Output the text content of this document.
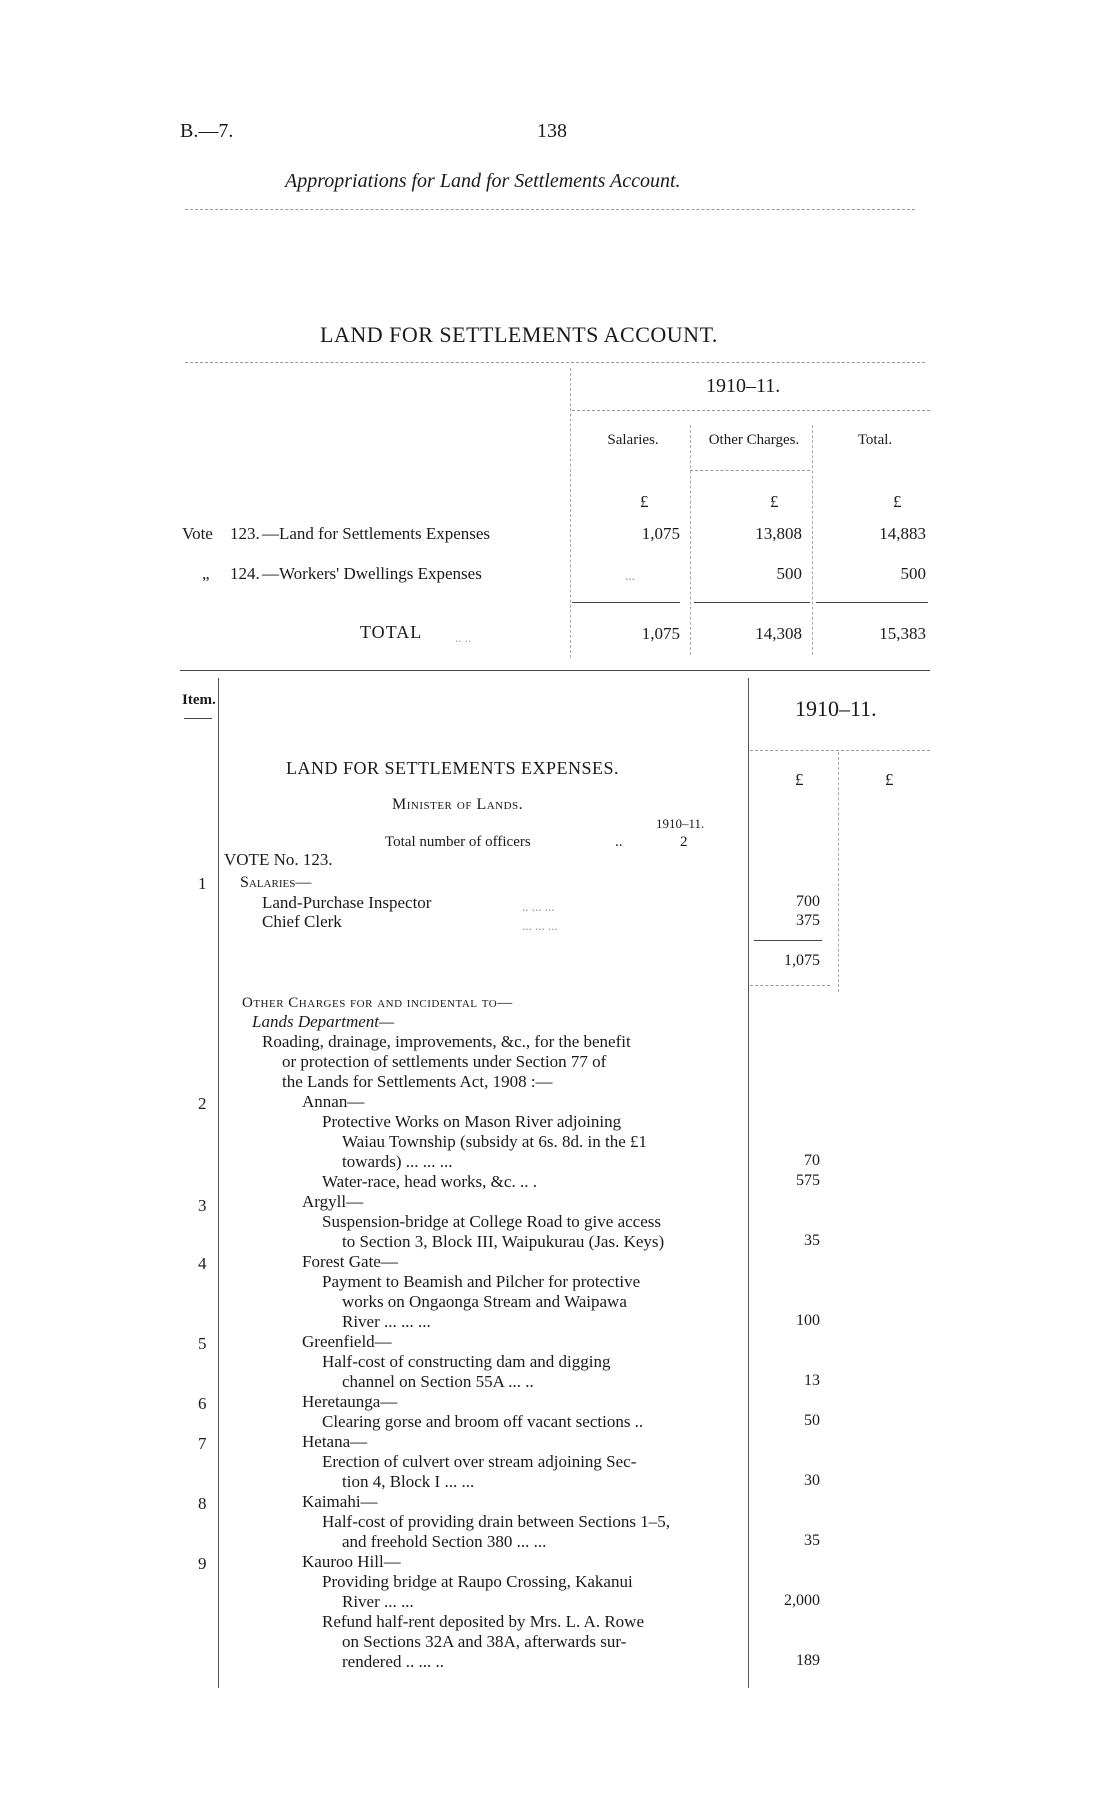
B.—7.	138
Appropriations for Land for Settlements Account.
LAND FOR SETTLEMENTS ACCOUNT.
1910–11.
Salaries.	Other Charges.	Total.
£	£	£
Vote 123. —Land for Settlements Expenses	1,075	13,808	14,883
„ 124. —Workers' Dwellings Expenses	...	500	500
TOTAL	.. ..	1,075	14,308	15,383
Item.	1910–11.
£	£
LAND FOR SETTLEMENTS EXPENSES.
Minister of Lands.
1910–11.
Total number of officers	..	2
VOTE No. 123.
1 Salaries—
Land-Purchase Inspector	.. ... ...	700
Chief Clerk	... ... ...	375
1,075
Other Charges for and incidental to—
Lands Department—
Roading, drainage, improvements, &c., for the benefit
or protection of settlements under Section 77 of
the Lands for Settlements Act, 1908 :—
2	Annan—
Protective Works on Mason River adjoining
Waiau Township (subsidy at 6s. 8d. in the £1
towards) ... ... ...	70
Water-race, head works, &c. .. .	575
3	Argyll—
Suspension-bridge at College Road to give access
to Section 3, Block III, Waipukurau (Jas. Keys)	35
4	Forest Gate—
Payment to Beamish and Pilcher for protective
works on Ongaonga Stream and Waipawa
River ... ... ...	100
5	Greenfield—
Half-cost of constructing dam and digging
channel on Section 55A ... ..	13
6	Heretaunga—
Clearing gorse and broom off vacant sections ..	50
7	Hetana—
Erection of culvert over stream adjoining Sec-
tion 4, Block I ... ...	30
8	Kaimahi—
Half-cost of providing drain between Sections 1–5,
and freehold Section 380 ... ...	35
9	Kauroo Hill—
Providing bridge at Raupo Crossing, Kakanui
River ... ...	2,000
Refund half-rent deposited by Mrs. L. A. Rowe
on Sections 32A and 38A, afterwards sur-
rendered .. ... ..	189
